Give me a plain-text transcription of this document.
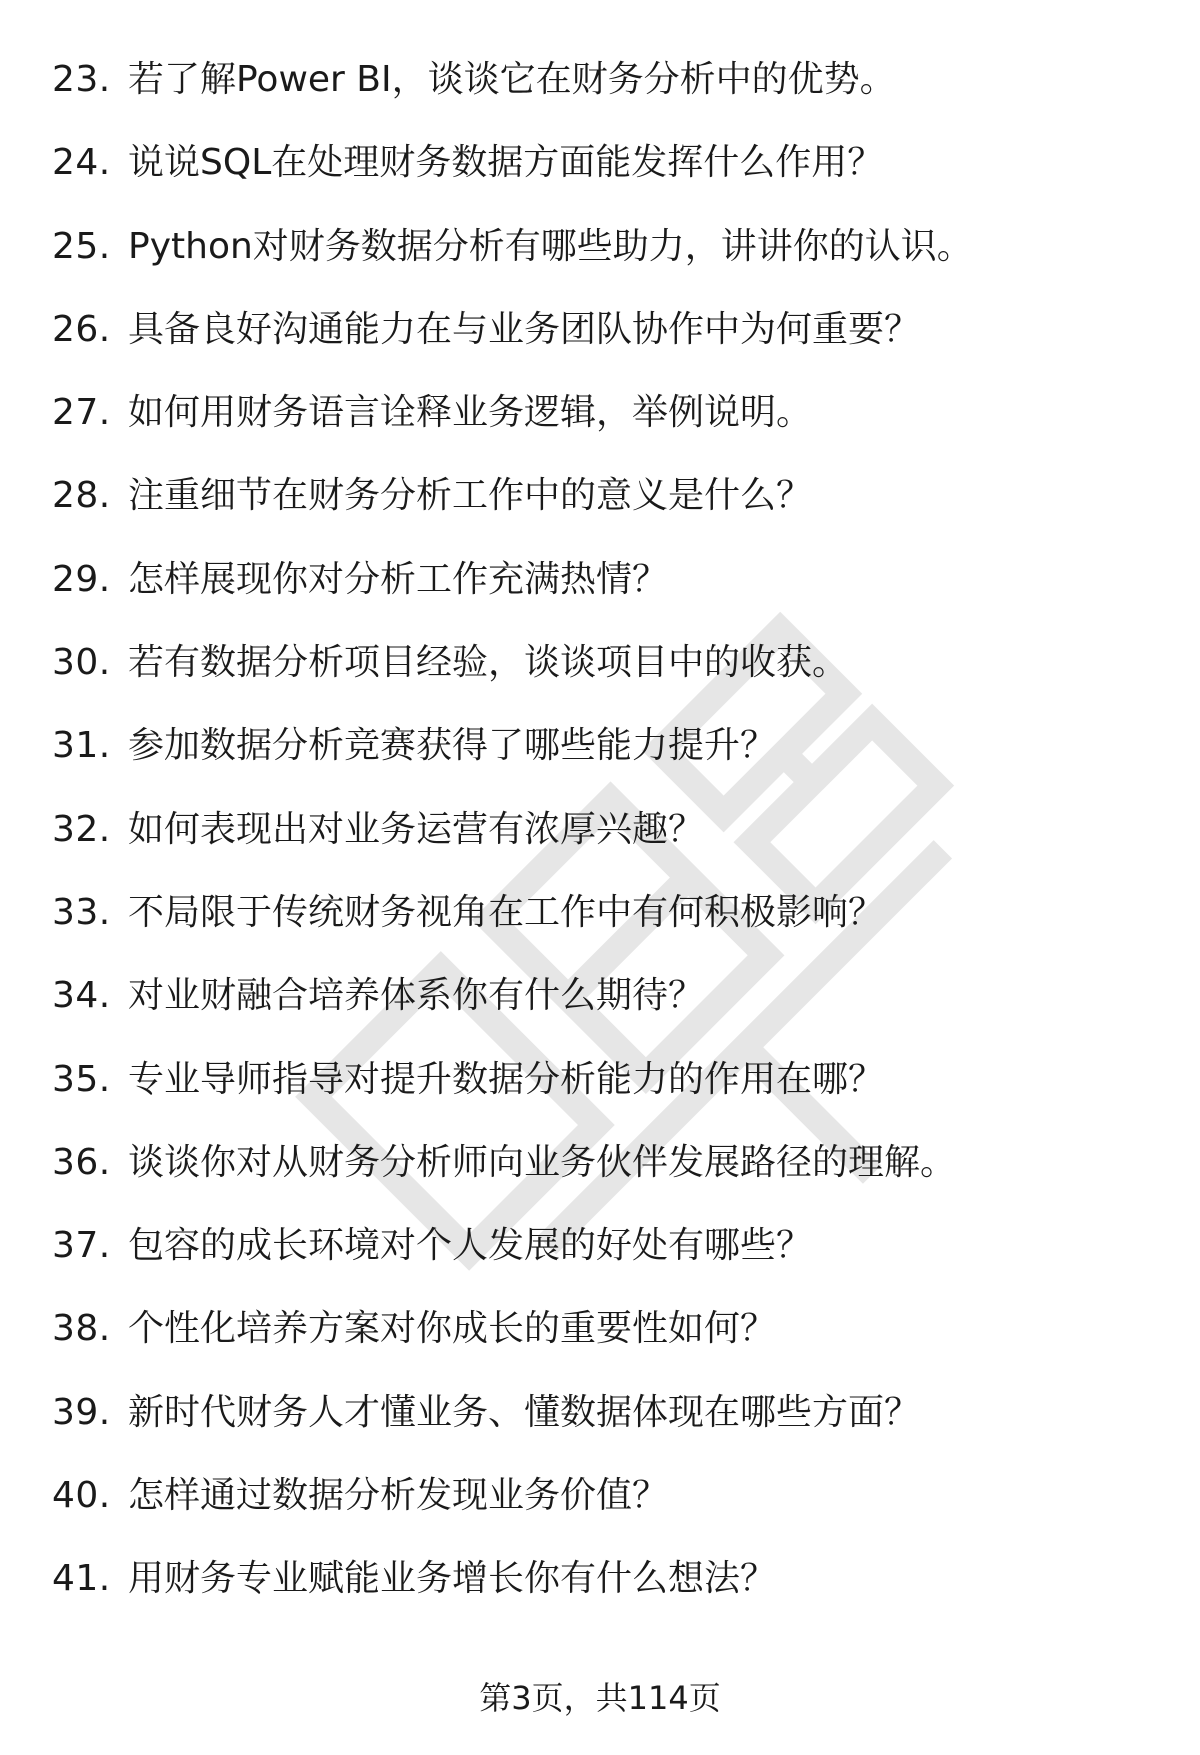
23. 若了解Power BI，谈谈它在财务分析中的优势。
24. 说说SQL在处理财务数据方面能发挥什么作用？
25. Python对财务数据分析有哪些助力，讲讲你的认识。
26. 具备良好沟通能力在与业务团队协作中为何重要？
27. 如何用财务语言诠释业务逻辑，举例说明。
28. 注重细节在财务分析工作中的意义是什么？
29. 怎样展现你对分析工作充满热情？
30. 若有数据分析项目经验，谈谈项目中的收获。
31. 参加数据分析竞赛获得了哪些能力提升？
32. 如何表现出对业务运营有浓厚兴趣？
33. 不局限于传统财务视角在工作中有何积极影响？
34. 对业财融合培养体系你有什么期待？
35. 专业导师指导对提升数据分析能力的作用在哪？
36. 谈谈你对从财务分析师向业务伙伴发展路径的理解。
37. 包容的成长环境对个人发展的好处有哪些？
38. 个性化培养方案对你成长的重要性如何？
39. 新时代财务人才懂业务、懂数据体现在哪些方面？
40. 怎样通过数据分析发现业务价值？
41. 用财务专业赋能业务增长你有什么想法？
第3页，共114页
